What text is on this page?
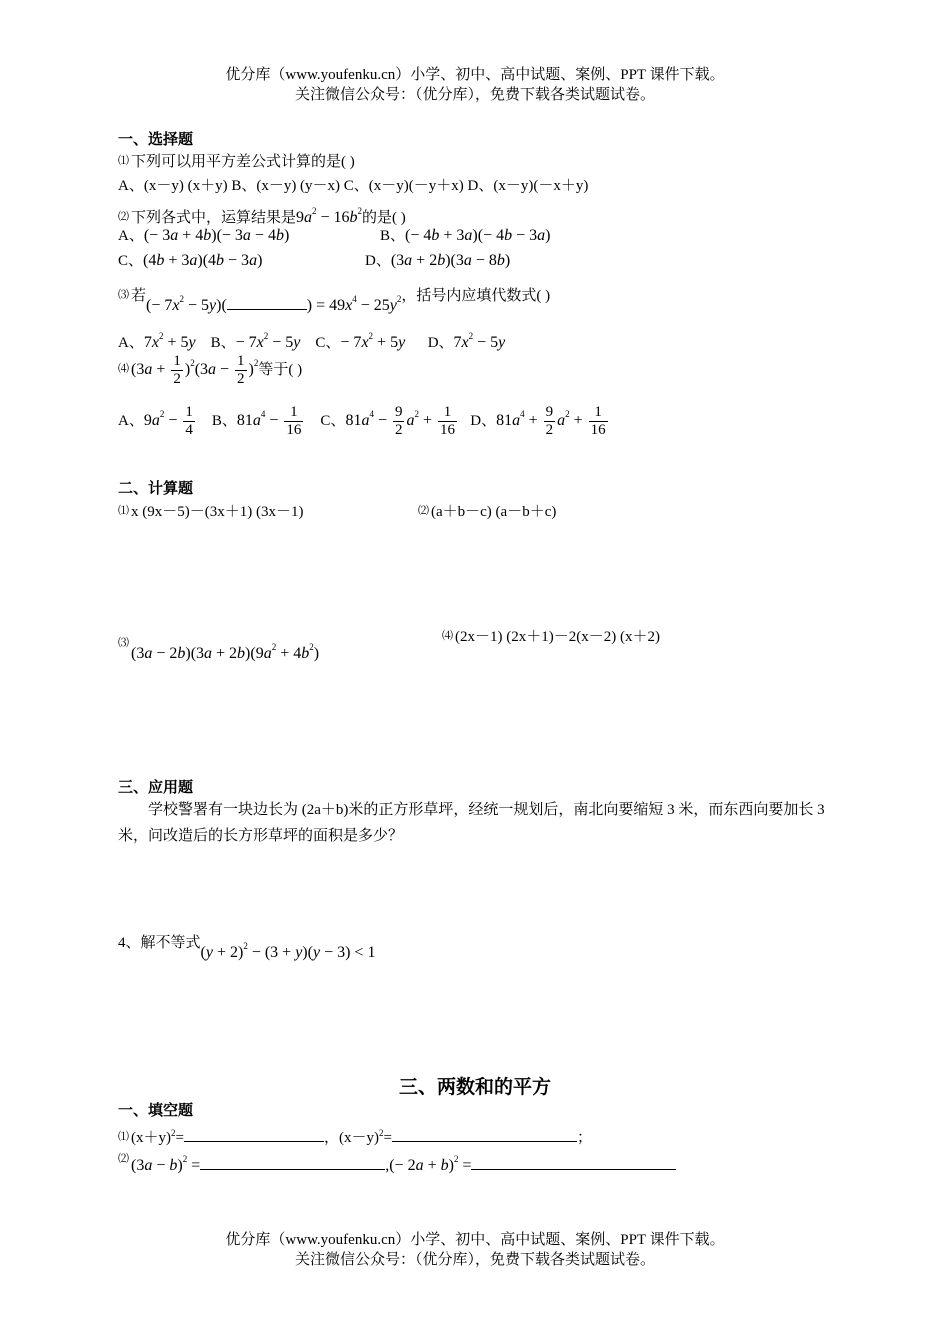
优分库（www.youfenku.cn）小学、初中、高中试题、案例、PPT 课件下载。
关注微信公众号：（优分库），免费下载各类试题试卷。
一、选择题
⑴ 下列可以用平方差公式计算的是( )
A、(x－y) (x＋y) B、(x－y) (y－x) C、(x－y)(－y＋x) D、(x－y)(－x＋y)
⑵ 下列各式中，运算结果是$9a^2 - 16b^2$的是( )
A、(− 3a + 4b)(− 3a − 4b)	B、(− 4b + 3a)(− 4b − 3a)
C、(4b + 3a)(4b − 3a)	D、(3a + 2b)(3a − 8b)
⑶ 若(− $7x^2 - 5y$)(	) = $49x^4 - 25y^2$，括号内应填代数式( )
A、$7x^2 + 5y$ B、− $7x^2 - 5y$ C、− $7x^2 + 5y$ D、$7x^2 - 5y$
⑷ $(3a + \frac{1}{2} )^2(3a - \frac{1}{2} )^2$等于( )
A、$9a^2 - \frac{1}{4}$ B、$81a^4 - \frac{1}{16}$ C、$81a^4 - \frac{9}{2} a^2 + \frac{1}{16}$ D、$81a^4 + \frac{9}{2} a^2 + \frac{1}{16}$
二、计算题
⑴ x (9x－5)－(3x＋1) (3x－1)	⑵ (a＋b－c) (a－b＋c)
⑶(3a − $2b)(3a + 2b)(9a^2 + 4b^2)$
⑷ (2x－1) (2x＋1)－2(x－2) (x＋2)
三、应用题
学校警署有一块边长为 (2a＋b)米的正方形草坪，经统一规划后，南北向要缩短 3 米，而东西向要加长 3 米，问改造后的长方形草坪的面积是多少？
4、解不等式$(y + 2)^2 - (3 + y)(y - 3) < 1$
三、两数和的平方
一、填空题
⑴ $(x+y)^2=$	，$(x-y)^2=$	；
⑵ $(3a - b)^2$ =	,(− 2a + b)$^2$ =
优分库（www.youfenku.cn）小学、初中、高中试题、案例、PPT 课件下载。
关注微信公众号：（优分库），免费下载各类试题试卷。
